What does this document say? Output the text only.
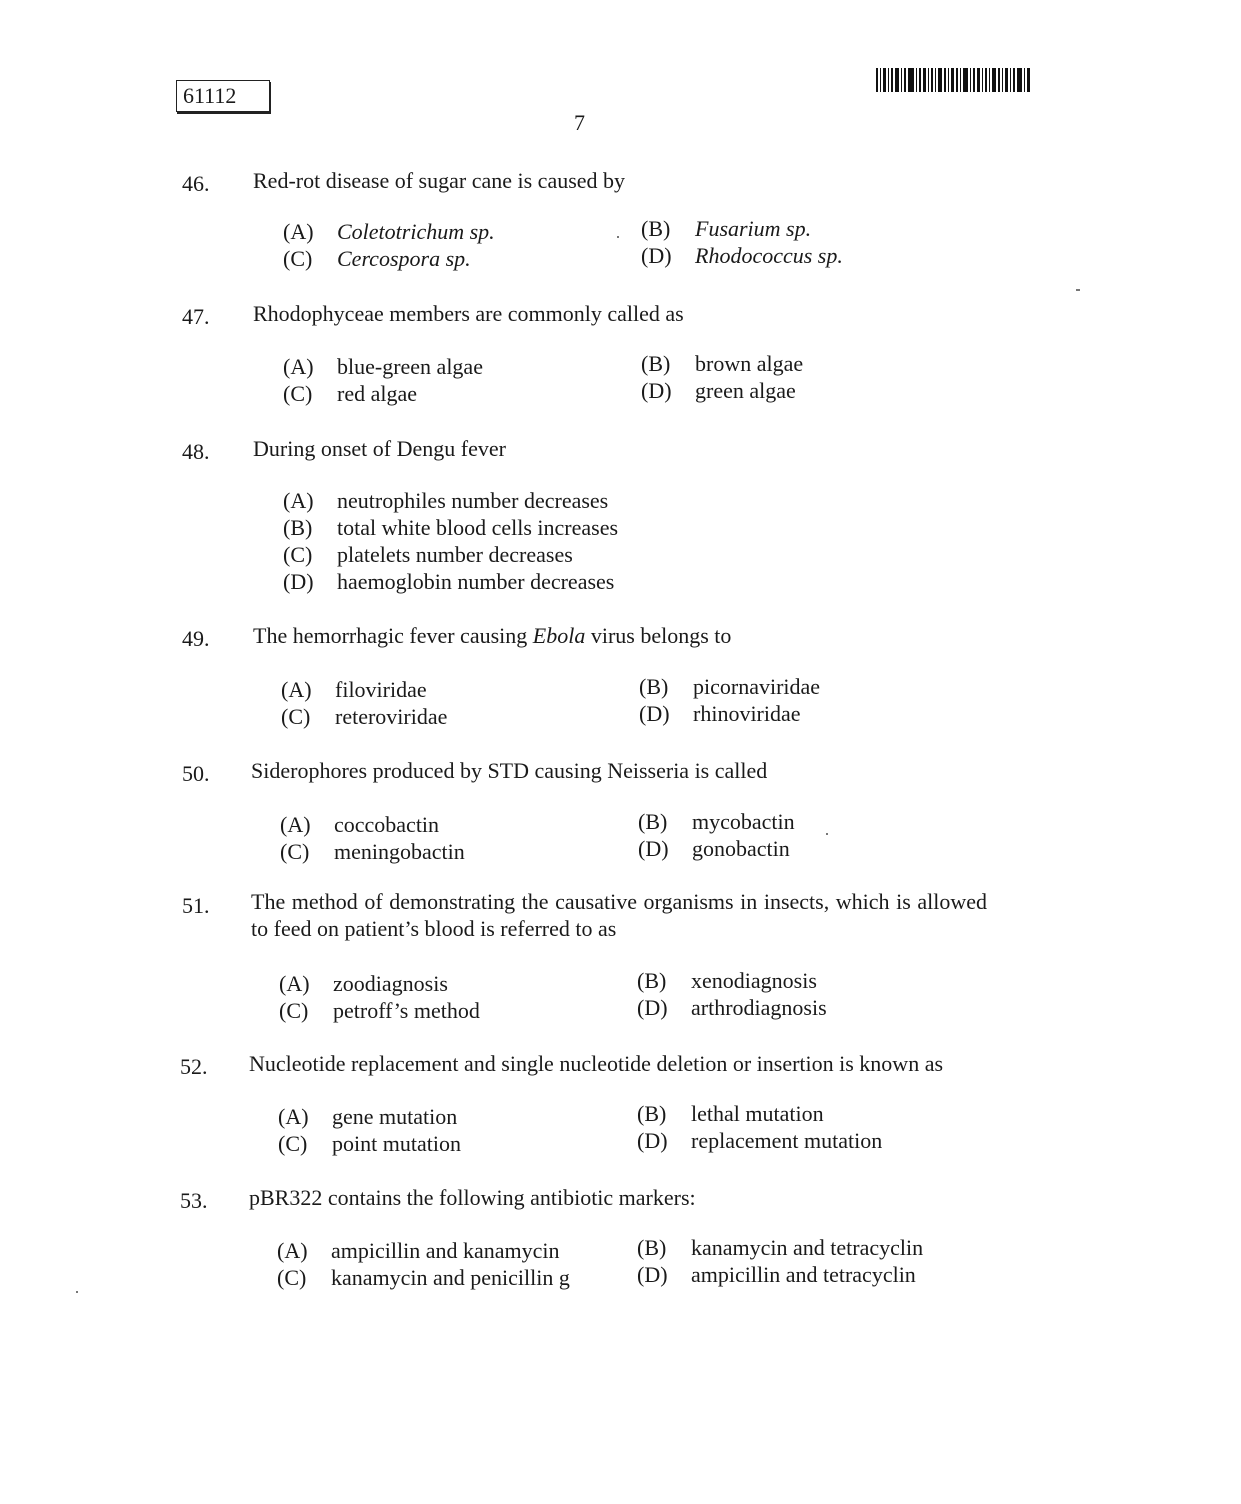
61112
7
46. Red-rot disease of sugar cane is caused by
(A) Coletotrichum sp.	(B) Fusarium sp.
(C) Cercospora sp.	(D) Rhodococcus sp.
47. Rhodophyceae members are commonly called as
(A) blue-green algae	(B) brown algae
(C) red algae	(D) green algae
48. During onset of Dengu fever
(A) neutrophiles number decreases
(B) total white blood cells increases
(C) platelets number decreases
(D) haemoglobin number decreases
49. The hemorrhagic fever causing Ebola virus belongs to
(A) filoviridae	(B) picornaviridae
(C) reteroviridae	(D) rhinoviridae
50. Siderophores produced by STD causing Neisseria is called
(A) coccobactin	(B) mycobactin
(C) meningobactin	(D) gonobactin
51. The method of demonstrating the causative organisms in insects, which is allowed to feed on patient’s blood is referred to as
(A) zoodiagnosis	(B) xenodiagnosis
(C) petroff’s method	(D) arthrodiagnosis
52. Nucleotide replacement and single nucleotide deletion or insertion is known as
(A) gene mutation	(B) lethal mutation
(C) point mutation	(D) replacement mutation
53. pBR322 contains the following antibiotic markers:
(A) ampicillin and kanamycin	(B) kanamycin and tetracyclin
(C) kanamycin and penicillin g	(D) ampicillin and tetracyclin
